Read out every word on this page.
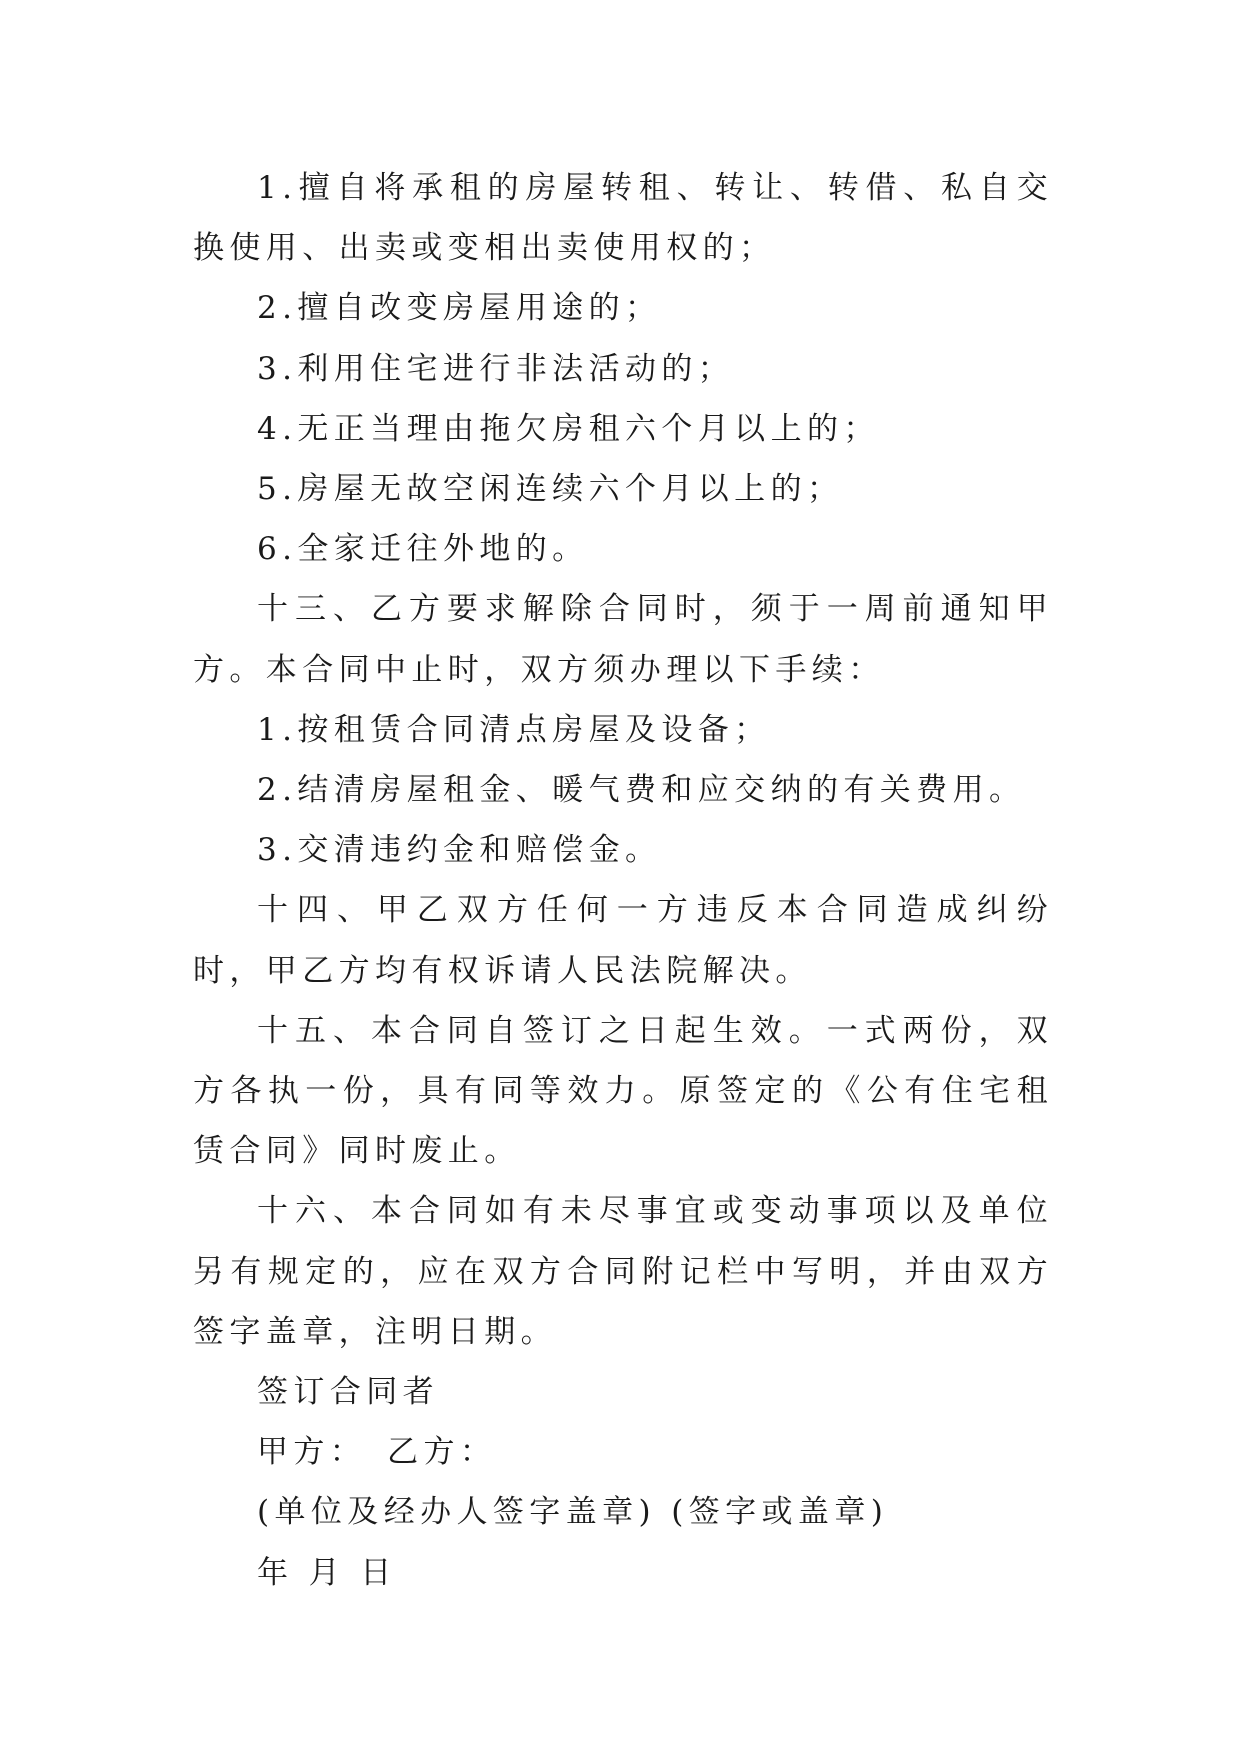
1.擅自将承租的房屋转租、转让、转借、私自交换使用、出卖或变相出卖使用权的；

2.擅自改变房屋用途的；

3.利用住宅进行非法活动的；

4.无正当理由拖欠房租六个月以上的；

5.房屋无故空闲连续六个月以上的；

6.全家迁往外地的。

十三、乙方要求解除合同时，须于一周前通知甲方。本合同中止时，双方须办理以下手续：

1.按租赁合同清点房屋及设备；

2.结清房屋租金、暖气费和应交纳的有关费用。

3.交清违约金和赔偿金。

十四、甲乙双方任何一方违反本合同造成纠纷时，甲乙方均有权诉请人民法院解决。

十五、本合同自签订之日起生效。一式两份，双方各执一份，具有同等效力。原签定的《公有住宅租赁合同》同时废止。

十六、本合同如有未尽事宜或变动事项以及单位另有规定的，应在双方合同附记栏中写明，并由双方签字盖章，注明日期。

签订合同者

甲方：　乙方：

(单位及经办人签字盖章) (签字或盖章)

年 月 日
